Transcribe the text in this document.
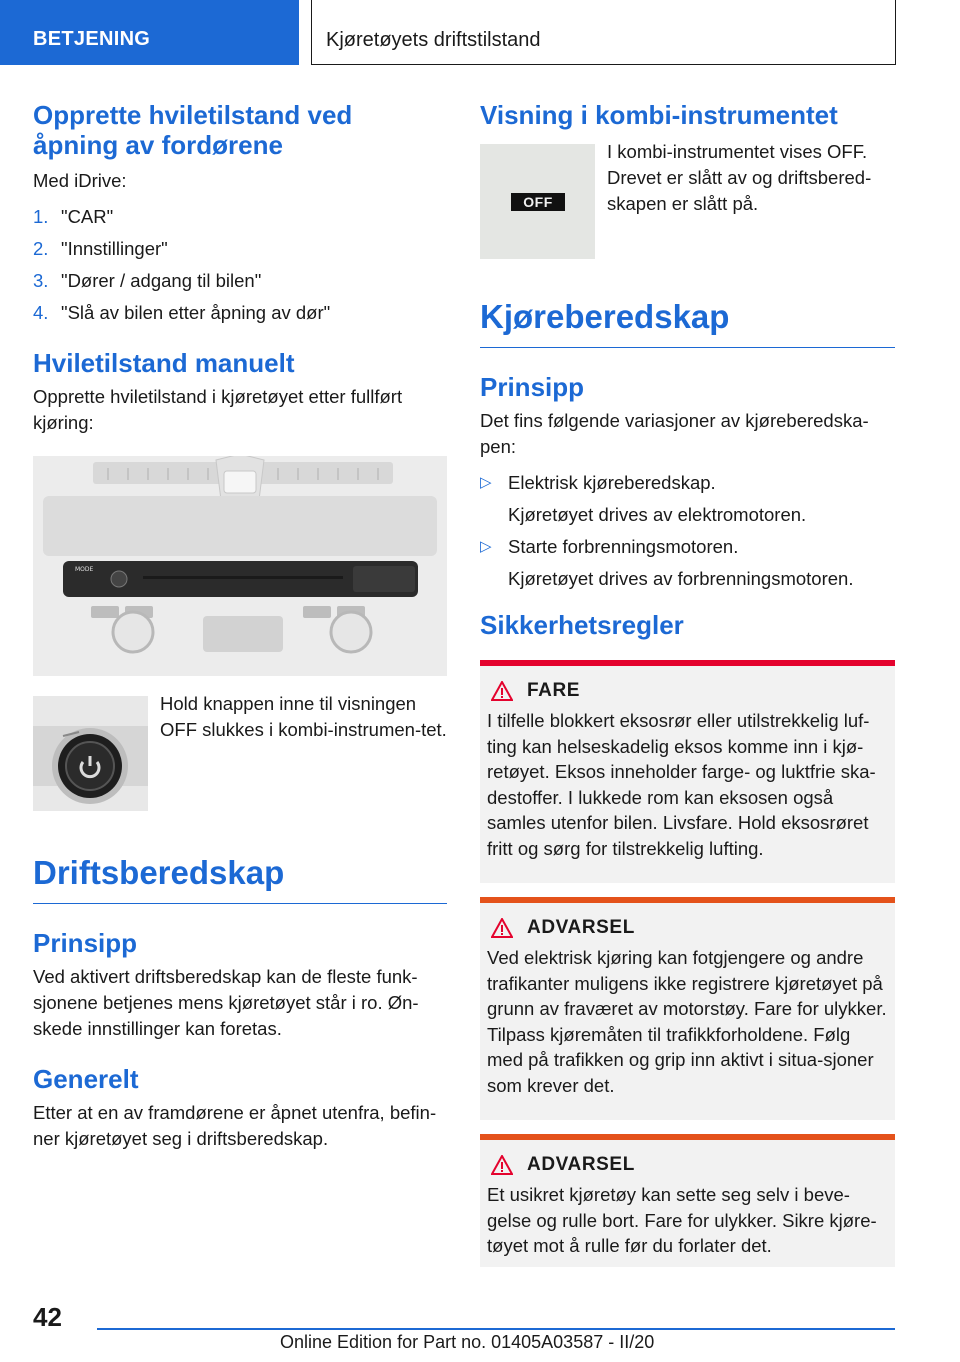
BETJENING	Kjøretøyets driftstilstand
Opprette hviletilstand ved åpning av fordørene

Med iDrive:

1. "CAR"
2. "Innstillinger"
3. "Dører / adgang til bilen"
4. "Slå av bilen etter åpning av dør"
Hviletilstand manuelt

Opprette hviletilstand i kjøretøyet etter fullført kjøring:

MODE

Hold knappen inne til visningen OFF slukkes i kombi-instrumen-tet.

Driftsberedskap
Prinsipp

Ved aktivert driftsberedskap kan de fleste funk-sjonene betjenes mens kjøretøyet står i ro. Øn-skede innstillinger kan foretas.

Generelt

Etter at en av framdørene er åpnet utenfra, befin-ner kjøretøyet seg i driftsberedskap.

Visning i kombi-instrumentet
OFF

I kombi-instrumentet vises OFF. Drevet er slått av og driftsbered-skapen er slått på.

Kjøreberedskap
Prinsipp

Det fins følgende variasjoner av kjøreberedska-pen:

▷ Elektrisk kjøreberedskap.
Kjøretøyet drives av elektromotoren.
▷ Starte forbrenningsmotoren.
Kjøretøyet drives av forbrenningsmotoren.
Sikkerhetsregler
FARE

I tilfelle blokkert eksosrør eller utilstrekkelig luf-ting kan helseskadelig eksos komme inn i kjø-retøyet. Eksos inneholder farge- og luktfrie ska-destoffer. I lukkede rom kan eksosen også samles utenfor bilen. Livsfare. Hold eksosrøret fritt og sørg for tilstrekkelig lufting.

ADVARSEL

Ved elektrisk kjøring kan fotgjengere og andre trafikanter muligens ikke registrere kjøretøyet på grunn av fraværet av motorstøy. Fare for ulykker. Tilpass kjøremåten til trafikkforholdene. Følg med på trafikken og grip inn aktivt i situa-sjoner som krever det.

ADVARSEL

Et usikret kjøretøy kan sette seg selv i beve-gelse og rulle bort. Fare for ulykker. Sikre kjøre-tøyet mot å rulle før du forlater det.

42
Online Edition for Part no. 01405A03587 - II/20
